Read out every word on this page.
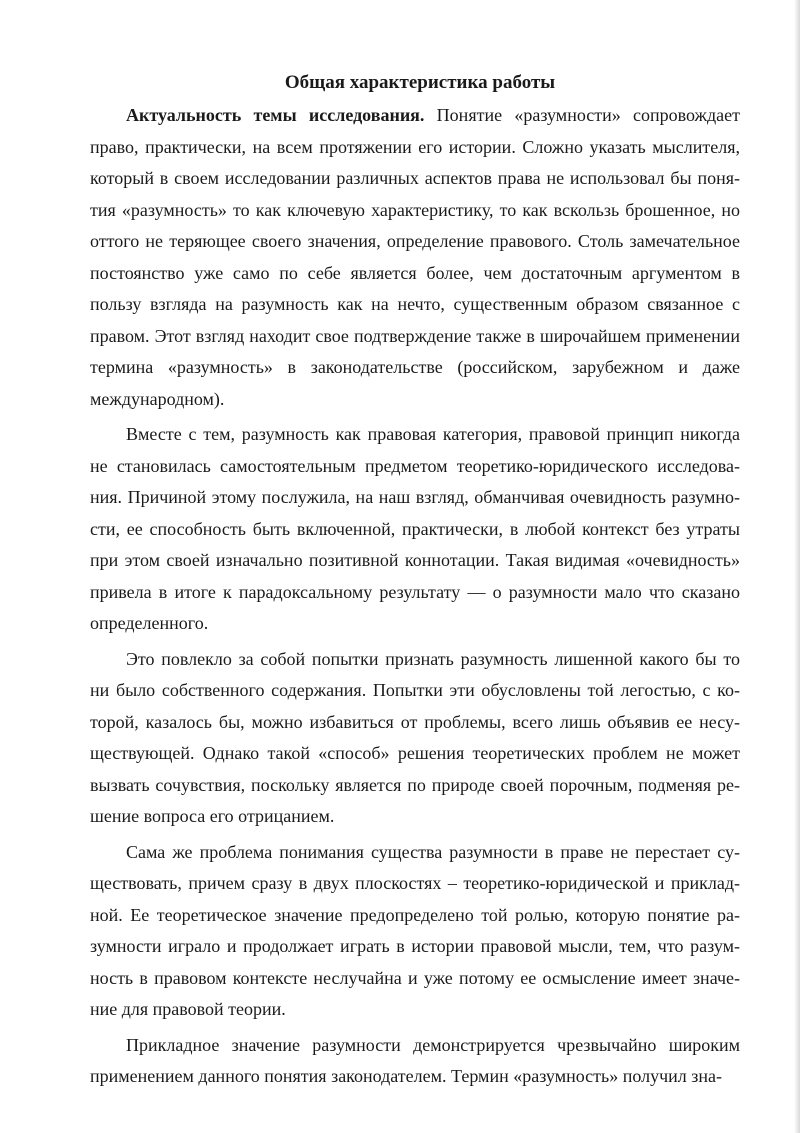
Общая характеристика работы

Актуальность темы исследования. Понятие «разумности» сопровождает право, практически, на всем протяжении его истории. Сложно указать мыслителя, который в своем исследовании различных аспектов права не использовал бы понятия «разумность» то как ключевую характеристику, то как вскользь брошенное, но оттого не теряющее своего значения, определение правового. Столь замечательное постоянство уже само по себе является более, чем достаточным аргументом в пользу взгляда на разумность как на нечто, существенным образом связанное с правом. Этот взгляд находит свое подтверждение также в широчайшем применении термина «разумность» в законодательстве (российском, зарубежном и даже международном).

Вместе с тем, разумность как правовая категория, правовой принцип никогда не становилась самостоятельным предметом теоретико-юридического исследования. Причиной этому послужила, на наш взгляд, обманчивая очевидность разумности, ее способность быть включенной, практически, в любой контекст без утраты при этом своей изначально позитивной коннотации. Такая видимая «очевидность» привела в итоге к парадоксальному результату — о разумности мало что сказано определенного.

Это повлекло за собой попытки признать разумность лишенной какого бы то ни было собственного содержания. Попытки эти обусловлены той легостью, с которой, казалось бы, можно избавиться от проблемы, всего лишь объявив ее несуществующей. Однако такой «способ» решения теоретических проблем не может вызвать сочувствия, поскольку является по природе своей порочным, подменяя решение вопроса его отрицанием.

Сама же проблема понимания существа разумности в праве не перестает существовать, причем сразу в двух плоскостях – теоретико-юридической и прикладной. Ее теоретическое значение предопределено той ролью, которую понятие разумности играло и продолжает играть в истории правовой мысли, тем, что разумность в правовом контексте неслучайна и уже потому ее осмысление имеет значение для правовой теории.

Прикладное значение разумности демонстрируется чрезвычайно широким применением данного понятия законодателем. Термин «разумность» получил зна-
